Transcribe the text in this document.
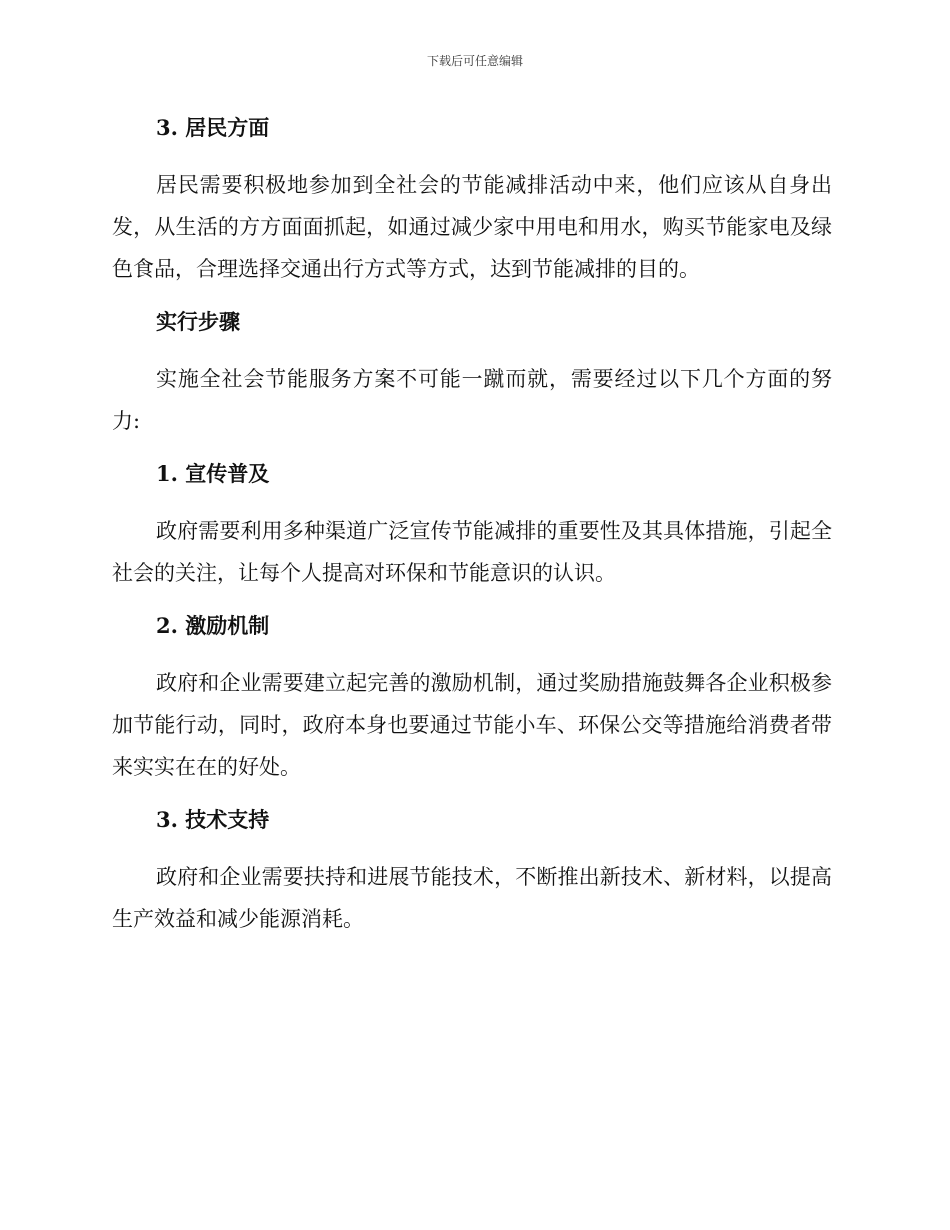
下载后可任意编辑
3. 居民方面

居民需要积极地参加到全社会的节能减排活动中来，他们应该从自身出发，从生活的方方面面抓起，如通过减少家中用电和用水，购买节能家电及绿色食品，合理选择交通出行方式等方式，达到节能减排的目的。

实行步骤

实施全社会节能服务方案不可能一蹴而就，需要经过以下几个方面的努力:

1. 宣传普及

政府需要利用多种渠道广泛宣传节能减排的重要性及其具体措施，引起全社会的关注，让每个人提高对环保和节能意识的认识。

2. 激励机制

政府和企业需要建立起完善的激励机制，通过奖励措施鼓舞各企业积极参加节能行动，同时，政府本身也要通过节能小车、环保公交等措施给消费者带来实实在在的好处。

3. 技术支持

政府和企业需要扶持和进展节能技术，不断推出新技术、新材料，以提高生产效益和减少能源消耗。
